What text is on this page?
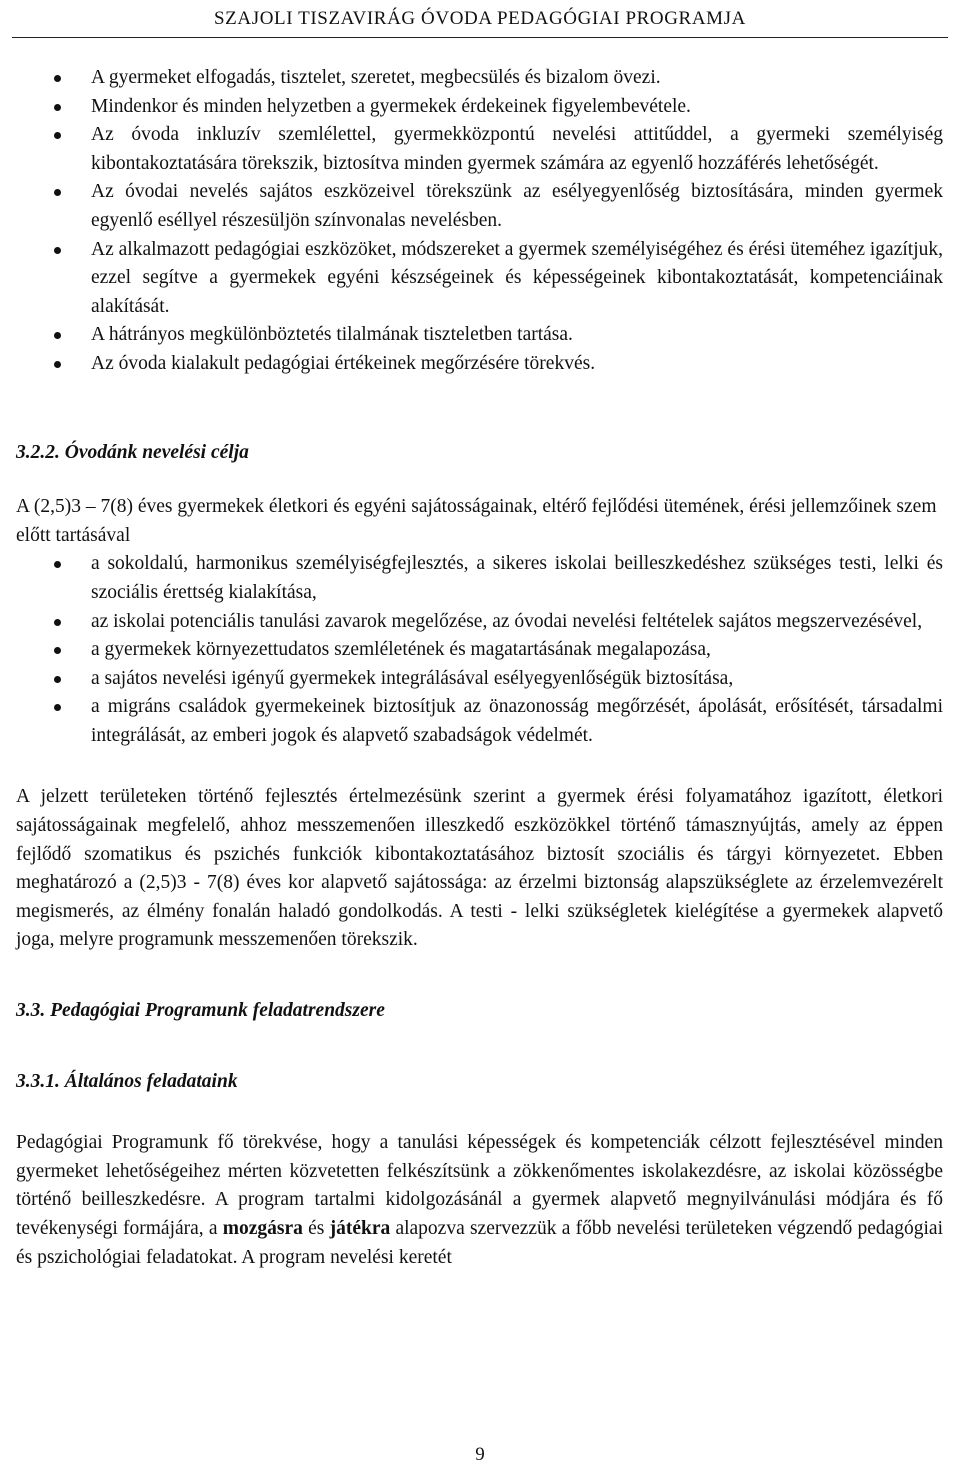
SZAJOLI TISZAVIRÁG ÓVODA PEDAGÓGIAI PROGRAMJA
A gyermeket elfogadás, tisztelet, szeretet, megbecsülés és bizalom övezi.
Mindenkor és minden helyzetben a gyermekek érdekeinek figyelembevétele.
Az óvoda inkluzív szemlélettel, gyermekközpontú nevelési attitűddel, a gyermeki személyiség kibontakoztatására törekszik, biztosítva minden gyermek számára az egyenlő hozzáférés lehetőségét.
Az óvodai nevelés sajátos eszközeivel törekszünk az esélyegyenlőség biztosítására, minden gyermek egyenlő eséllyel részesüljön színvonalas nevelésben.
Az alkalmazott pedagógiai eszközöket, módszereket a gyermek személyiségéhez és érési üteméhez igazítjuk, ezzel segítve a gyermekek egyéni készségeinek és képességeinek kibontakoztatását, kompetenciáinak alakítását.
A hátrányos megkülönböztetés tilalmának tiszteletben tartása.
Az óvoda kialakult pedagógiai értékeinek megőrzésére törekvés.

3.2.2. Óvodánk nevelési célja

A (2,5)3 – 7(8) éves gyermekek életkori és egyéni sajátosságainak, eltérő fejlődési ütemének, érési jellemzőinek szem előtt tartásával

a sokoldalú, harmonikus személyiségfejlesztés, a sikeres iskolai beilleszkedéshez szükséges testi, lelki és szociális érettség kialakítása,
az iskolai potenciális tanulási zavarok megelőzése, az óvodai nevelési feltételek sajátos megszervezésével,
a gyermekek környezettudatos szemléletének és magatartásának megalapozása,
a sajátos nevelési igényű gyermekek integrálásával esélyegyenlőségük biztosítása,
a migráns családok gyermekeinek biztosítjuk az önazonosság megőrzését, ápolását, erősítését, társadalmi integrálását, az emberi jogok és alapvető szabadságok védelmét.

A jelzett területeken történő fejlesztés értelmezésünk szerint a gyermek érési folyamatához igazított, életkori sajátosságainak megfelelő, ahhoz messzemenően illeszkedő eszközökkel történő támasznyújtás, amely az éppen fejlődő szomatikus és pszichés funkciók kibontakoztatásához biztosít szociális és tárgyi környezetet. Ebben meghatározó a (2,5)3 - 7(8) éves kor alapvető sajátossága: az érzelmi biztonság alapszükséglete az érzelemvezérelt megismerés, az élmény fonalán haladó gondolkodás. A testi - lelki szükségletek kielégítése a gyermekek alapvető joga, melyre programunk messzemenően törekszik.

3.3. Pedagógiai Programunk feladatrendszere

3.3.1. Általános feladataink

Pedagógiai Programunk fő törekvése, hogy a tanulási képességek és kompetenciák célzott fejlesztésével minden gyermeket lehetőségeihez mérten közvetetten felkészítsünk a zökkenőmentes iskolakezdésre, az iskolai közösségbe történő beilleszkedésre. A program tartalmi kidolgozásánál a gyermek alapvető megnyilvánulási módjára és fő tevékenységi formájára, a mozgásra és játékra alapozva szervezzük a főbb nevelési területeken végzendő pedagógiai és pszichológiai feladatokat. A program nevelési keretét

9
